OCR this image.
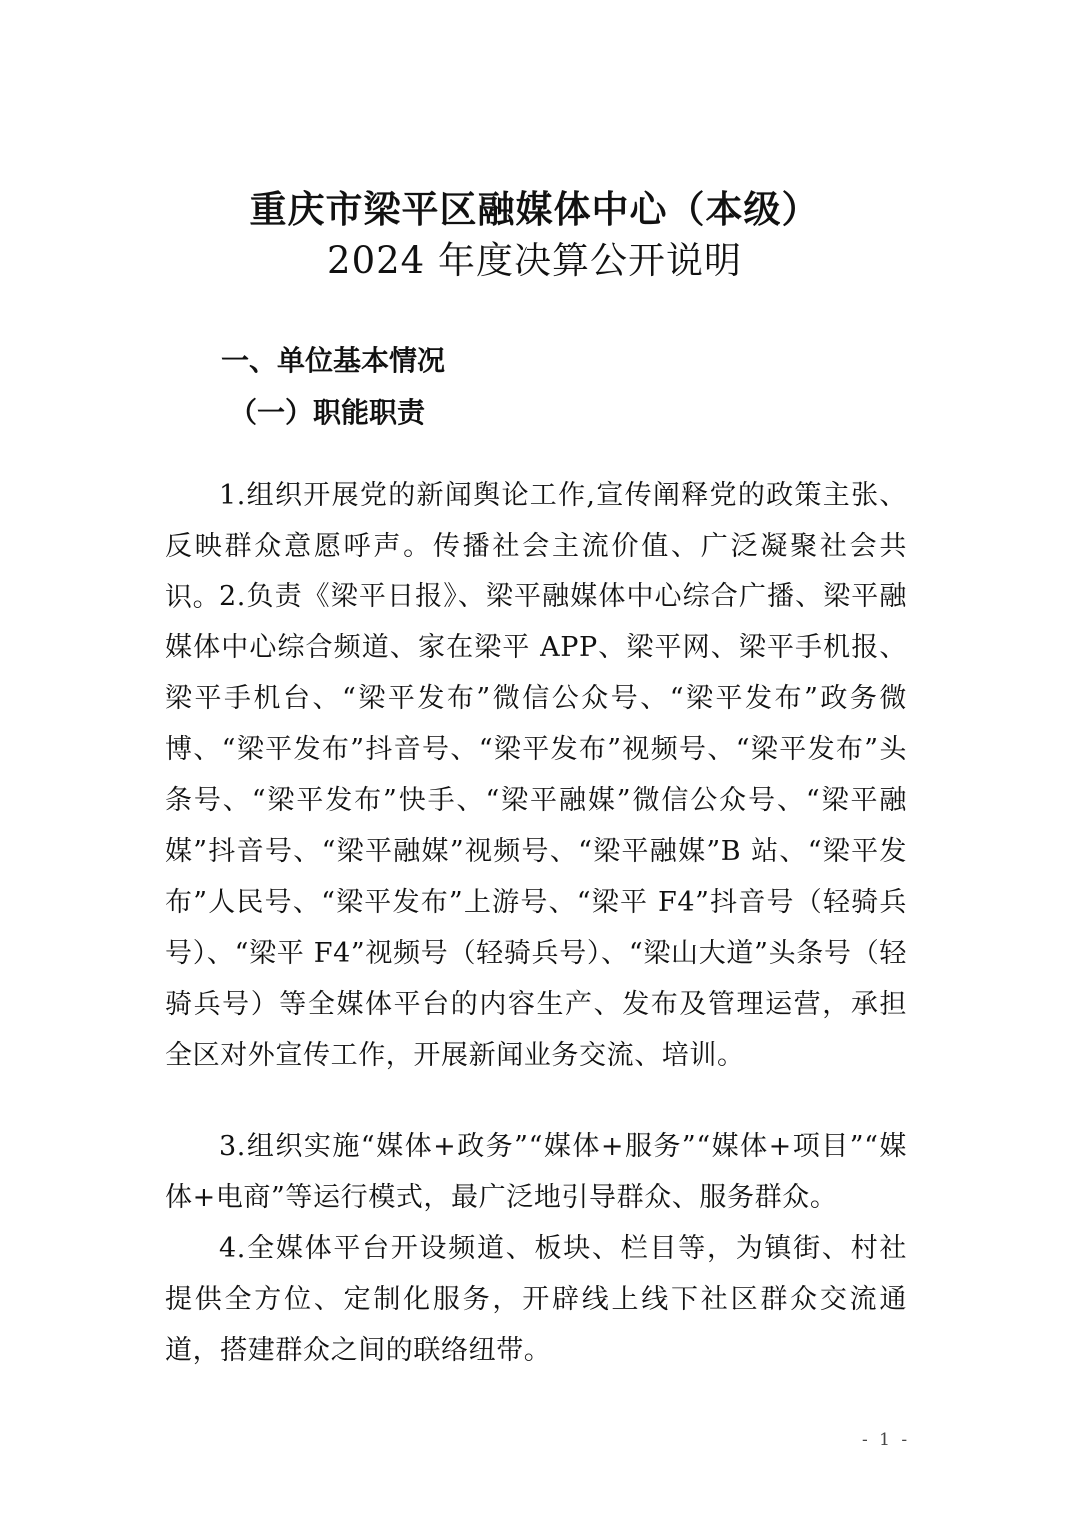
重庆市梁平区融媒体中心（本级）
2024 年度决算公开说明
一、单位基本情况
（一）职能职责

1.组织开展党的新闻舆论工作,宣传阐释党的政策主张、反映群众意愿呼声。传播社会主流价值、广泛凝聚社会共识。

2.负责《梁平日报》、梁平融媒体中心综合广播、梁平融媒体中心综合频道、家在梁平 APP、梁平网、梁平手机报、梁平手机台、“梁平发布”微信公众号、“梁平发布”政务微博、“梁平发布”抖音号、“梁平发布”视频号、“梁平发布”头条号、“梁平发布”快手、“梁平融媒”微信公众号、“梁平融媒”抖音号、“梁平融媒”视频号、“梁平融媒”B 站、“梁平发布”人民号、“梁平发布”上游号、“梁平 F4”抖音号（轻骑兵号）、“梁平 F4”视频号（轻骑兵号）、“梁山大道”头条号（轻骑兵号）等全媒体平台的内容生产、发布及管理运营，承担全区对外宣传工作，开展新闻业务交流、培训。

3.组织实施“媒体+政务”“媒体+服务”“媒体+项目”“媒体+电商”等运行模式，最广泛地引导群众、服务群众。

4.全媒体平台开设频道、板块、栏目等，为镇街、村社提供全方位、定制化服务，开辟线上线下社区群众交流通道，搭建群众之间的联络纽带。

- 1 -
